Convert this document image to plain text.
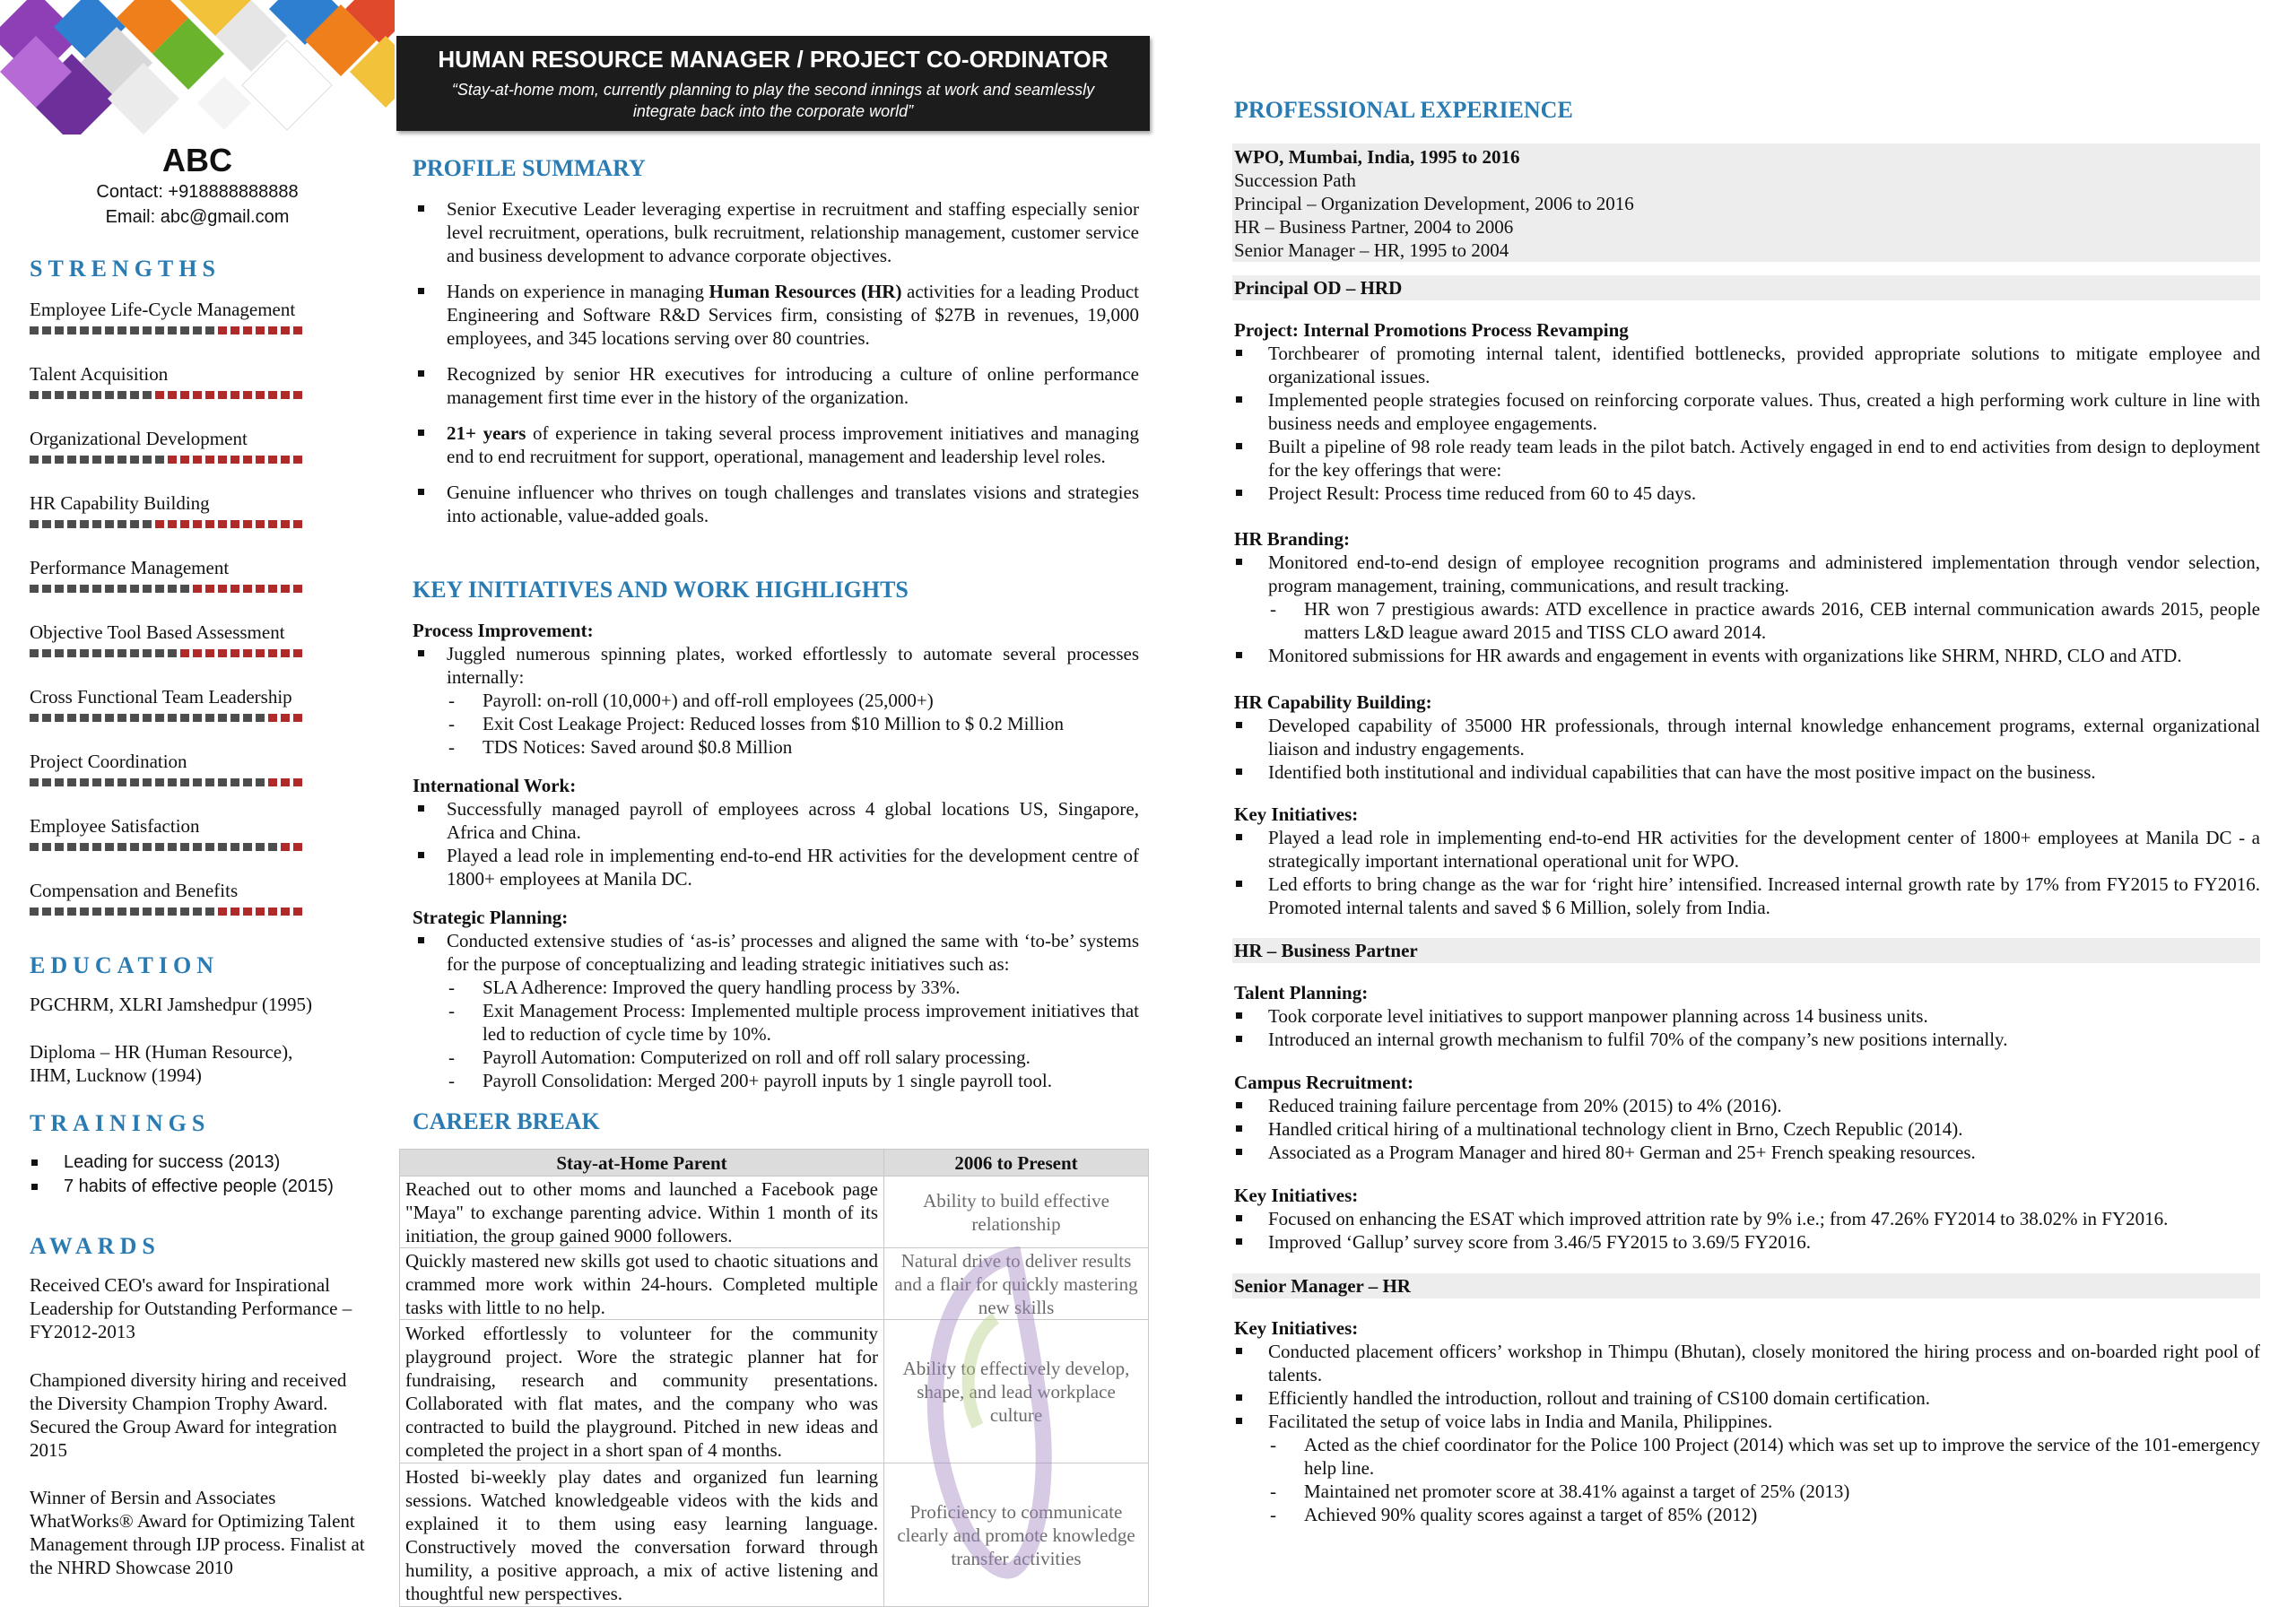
ABC
Contact: +918888888888
Email: abc@gmail.com
STRENGTHS
Employee Life-Cycle Management
Talent Acquisition
Organizational Development
HR Capability Building
Performance Management
Objective Tool Based Assessment
Cross Functional Team Leadership
Project Coordination
Employee Satisfaction
Compensation and Benefits
EDUCATION
PGCHRM, XLRI Jamshedpur (1995)
Diploma – HR (Human Resource), IHM, Lucknow (1994)
TRAININGS
Leading for success (2013)
7 habits of effective people (2015)
AWARDS
Received CEO's award for Inspirational Leadership for Outstanding Performance – FY2012-2013
Championed diversity hiring and received the Diversity Champion Trophy Award. Secured the Group Award for integration 2015
Winner of Bersin and Associates WhatWorks® Award for Optimizing Talent Management through IJP process. Finalist at the NHRD Showcase 2010
HUMAN RESOURCE MANAGER / PROJECT CO-ORDINATOR
“Stay-at-home mom, currently planning to play the second innings at work and seamlessly integrate back into the corporate world”
PROFILE SUMMARY
Senior Executive Leader leveraging expertise in recruitment and staffing especially senior level recruitment, operations, bulk recruitment, relationship management, customer service and business development to advance corporate objectives.
Hands on experience in managing Human Resources (HR) activities for a leading Product Engineering and Software R&D Services firm, consisting of $27B in revenues, 19,000 employees, and 345 locations serving over 80 countries.
Recognized by senior HR executives for introducing a culture of online performance management first time ever in the history of the organization.
21+ years of experience in taking several process improvement initiatives and managing end to end recruitment for support, operational, management and leadership level roles.
Genuine influencer who thrives on tough challenges and translates visions and strategies into actionable, value-added goals.
KEY INITIATIVES AND WORK HIGHLIGHTS
Process Improvement:
Juggled numerous spinning plates, worked effortlessly to automate several processes internally:
- Payroll: on-roll (10,000+) and off-roll employees (25,000+)
- Exit Cost Leakage Project: Reduced losses from $10 Million to $ 0.2 Million
- TDS Notices: Saved around $0.8 Million
International Work:
Successfully managed payroll of employees across 4 global locations US, Singapore, Africa and China.
Played a lead role in implementing end-to-end HR activities for the development centre of 1800+ employees at Manila DC.
Strategic Planning:
Conducted extensive studies of ‘as-is’ processes and aligned the same with ‘to-be’ systems for the purpose of conceptualizing and leading strategic initiatives such as:
- SLA Adherence: Improved the query handling process by 33%.
- Exit Management Process: Implemented multiple process improvement initiatives that led to reduction of cycle time by 10%.
- Payroll Automation: Computerized on roll and off roll salary processing.
- Payroll Consolidation: Merged 200+ payroll inputs by 1 single payroll tool.
CAREER BREAK
Stay-at-Home Parent	2006 to Present
Reached out to other moms and launched a Facebook page "Maya" to exchange parenting advice. Within 1 month of its initiation, the group gained 9000 followers.	Ability to build effective relationship
Quickly mastered new skills got used to chaotic situations and crammed more work within 24-hours. Completed multiple tasks with little to no help.	Natural drive to deliver results and a flair for quickly mastering new skills
Worked effortlessly to volunteer for the community playground project. Wore the strategic planner hat for fundraising, research and community presentations. Collaborated with flat mates, and the company who was contracted to build the playground. Pitched in new ideas and completed the project in a short span of 4 months.	Ability to effectively develop, shape, and lead workplace culture
Hosted bi-weekly play dates and organized fun learning sessions. Watched knowledgeable videos with the kids and explained it to them using easy learning language. Constructively moved the conversation forward through humility, a positive approach, a mix of active listening and thoughtful new perspectives.	Proficiency to communicate clearly and promote knowledge transfer activities
PROFESSIONAL EXPERIENCE
WPO, Mumbai, India, 1995 to 2016
Succession Path
Principal – Organization Development, 2006 to 2016
HR – Business Partner, 2004 to 2006
Senior Manager – HR, 1995 to 2004
Principal OD – HRD
Project: Internal Promotions Process Revamping
Torchbearer of promoting internal talent, identified bottlenecks, provided appropriate solutions to mitigate employee and organizational issues.
Implemented people strategies focused on reinforcing corporate values. Thus, created a high performing work culture in line with business needs and employee engagements.
Built a pipeline of 98 role ready team leads in the pilot batch. Actively engaged in end to end activities from design to deployment for the key offerings that were:
Project Result: Process time reduced from 60 to 45 days.
HR Branding:
Monitored end-to-end design of employee recognition programs and administered implementation through vendor selection, program management, training, communications, and result tracking.
- HR won 7 prestigious awards: ATD excellence in practice awards 2016, CEB internal communication awards 2015, people matters L&D league award 2015 and TISS CLO award 2014.
Monitored submissions for HR awards and engagement in events with organizations like SHRM, NHRD, CLO and ATD.
HR Capability Building:
Developed capability of 35000 HR professionals, through internal knowledge enhancement programs, external organizational liaison and industry engagements.
Identified both institutional and individual capabilities that can have the most positive impact on the business.
Key Initiatives:
Played a lead role in implementing end-to-end HR activities for the development center of 1800+ employees at Manila DC - a strategically important international operational unit for WPO.
Led efforts to bring change as the war for ‘right hire’ intensified. Increased internal growth rate by 17% from FY2015 to FY2016. Promoted internal talents and saved $ 6 Million, solely from India.
HR – Business Partner
Talent Planning:
Took corporate level initiatives to support manpower planning across 14 business units.
Introduced an internal growth mechanism to fulfil 70% of the company’s new positions internally.
Campus Recruitment:
Reduced training failure percentage from 20% (2015) to 4% (2016).
Handled critical hiring of a multinational technology client in Brno, Czech Republic (2014).
Associated as a Program Manager and hired 80+ German and 25+ French speaking resources.
Key Initiatives:
Focused on enhancing the ESAT which improved attrition rate by 9% i.e.; from 47.26% FY2014 to 38.02% in FY2016.
Improved ‘Gallup’ survey score from 3.46/5 FY2015 to 3.69/5 FY2016.
Senior Manager – HR
Key Initiatives:
Conducted placement officers’ workshop in Thimpu (Bhutan), closely monitored the hiring process and on-boarded right pool of talents.
Efficiently handled the introduction, rollout and training of CS100 domain certification.
Facilitated the setup of voice labs in India and Manila, Philippines.
- Acted as the chief coordinator for the Police 100 Project (2014) which was set up to improve the service of the 101-emergency help line.
- Maintained net promoter score at 38.41% against a target of 25% (2013)
- Achieved 90% quality scores against a target of 85% (2012)
